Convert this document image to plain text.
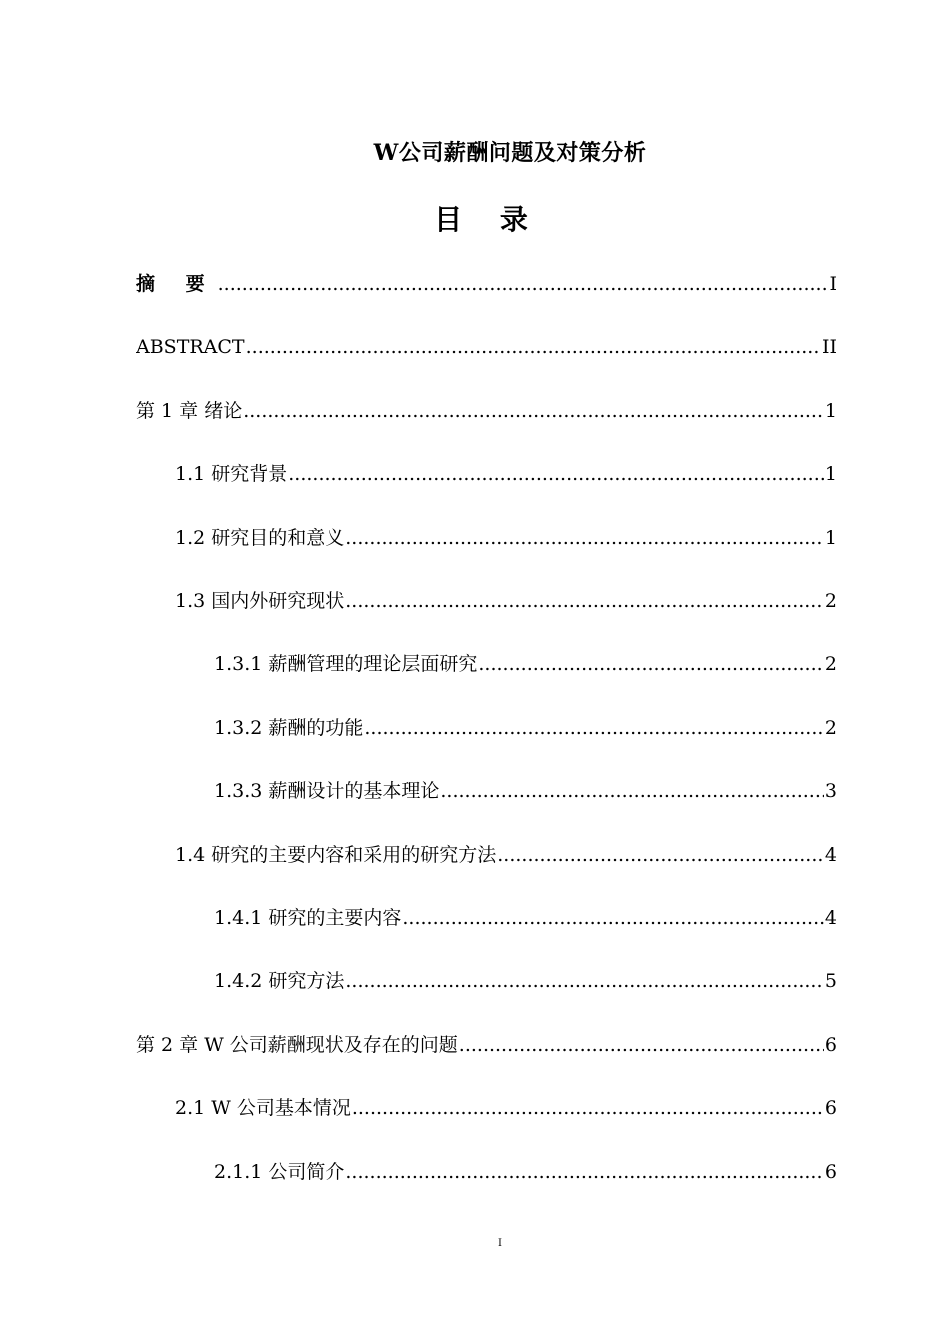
W公司薪酬问题及对策分析
目 录
摘 要 .....	I
ABSTRACT .....	II
第 1 章 绪论 .....	1
1.1 研究背景 .....	1
1.2 研究目的和意义 .....	1
1.3 国内外研究现状 .....	2
1.3.1 薪酬管理的理论层面研究 .....	2
1.3.2 薪酬的功能 .....	2
1.3.3 薪酬设计的基本理论 .....	3
1.4 研究的主要内容和采用的研究方法 .....	4
1.4.1 研究的主要内容 .....	4
1.4.2 研究方法 .....	5
第 2 章 W 公司薪酬现状及存在的问题 .....	6
2.1 W 公司基本情况 .....	6
2.1.1 公司简介 .....	6
I
